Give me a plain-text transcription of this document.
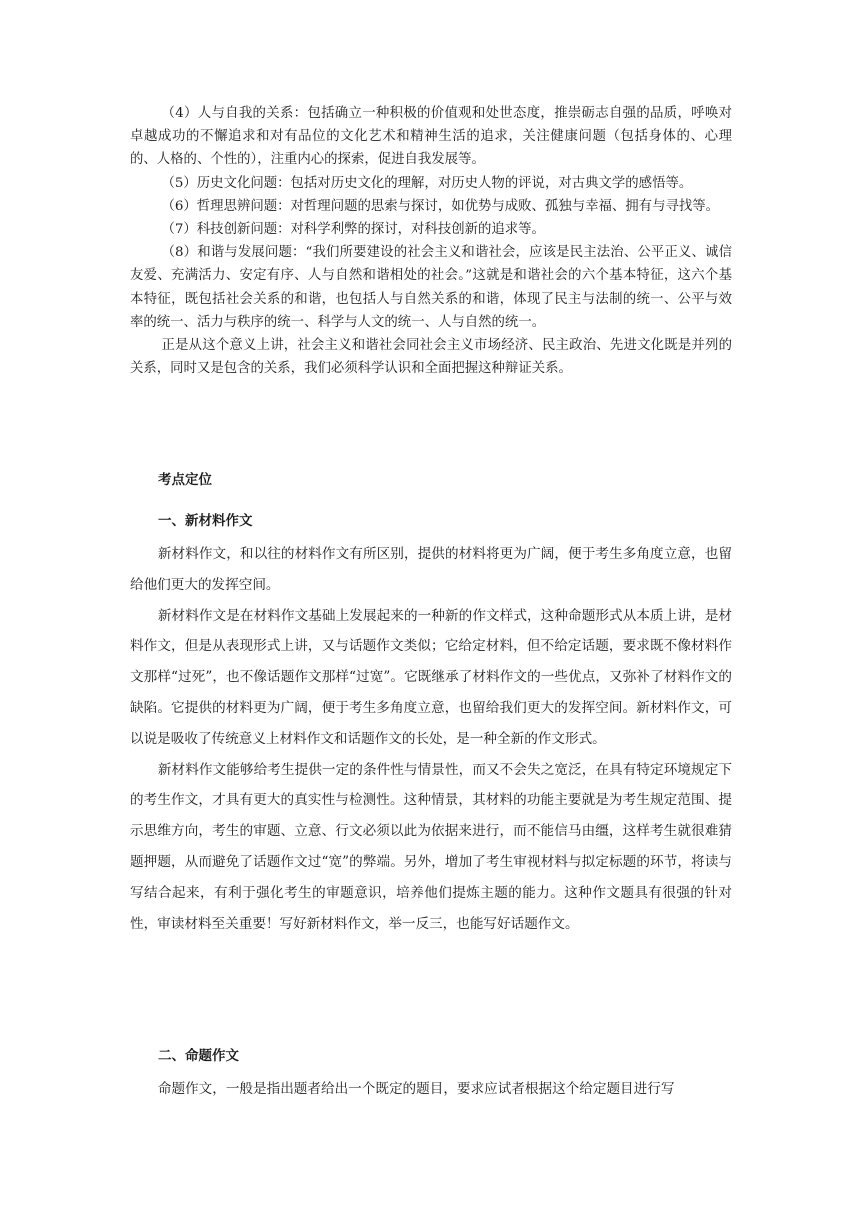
（4）人与自我的关系：包括确立一种积极的价值观和处世态度，推崇砺志自强的品质，呼唤对卓越成功的不懈追求和对有品位的文化艺术和精神生活的追求，关注健康问题（包括身体的、心理的、人格的、个性的），注重内心的探索，促进自我发展等。

（5）历史文化问题：包括对历史文化的理解，对历史人物的评说，对古典文学的感悟等。

（6）哲理思辨问题：对哲理问题的思索与探讨，如优势与成败、孤独与幸福、拥有与寻找等。

（7）科技创新问题：对科学利弊的探讨，对科技创新的追求等。

（8）和谐与发展问题：“我们所要建设的社会主义和谐社会，应该是民主法治、公平正义、诚信友爱、充满活力、安定有序、人与自然和谐相处的社会。”这就是和谐社会的六个基本特征，这六个基本特征，既包括社会关系的和谐，也包括人与自然关系的和谐，体现了民主与法制的统一、公平与效率的统一、活力与秩序的统一、科学与人文的统一、人与自然的统一。

正是从这个意义上讲，社会主义和谐社会同社会主义市场经济、民主政治、先进文化既是并列的关系，同时又是包含的关系，我们必须科学认识和全面把握这种辩证关系。

考点定位
一、新材料作文

新材料作文，和以往的材料作文有所区别，提供的材料将更为广阔，便于考生多角度立意，也留给他们更大的发挥空间。

新材料作文是在材料作文基础上发展起来的一种新的作文样式，这种命题形式从本质上讲，是材料作文，但是从表现形式上讲，又与话题作文类似；它给定材料，但不给定话题，要求既不像材料作文那样“过死”，也不像话题作文那样“过宽”。它既继承了材料作文的一些优点，又弥补了材料作文的缺陷。它提供的材料更为广阔，便于考生多角度立意，也留给我们更大的发挥空间。新材料作文，可以说是吸收了传统意义上材料作文和话题作文的长处，是一种全新的作文形式。

新材料作文能够给考生提供一定的条件性与情景性，而又不会失之宽泛，在具有特定环境规定下的考生作文，才具有更大的真实性与检测性。这种情景，其材料的功能主要就是为考生规定范围、提示思维方向，考生的审题、立意、行文必须以此为依据来进行，而不能信马由缰，这样考生就很难猜题押题，从而避免了话题作文过“宽”的弊端。另外，增加了考生审视材料与拟定标题的环节，将读与写结合起来，有利于强化考生的审题意识，培养他们提炼主题的能力。这种作文题具有很强的针对性，审读材料至关重要！写好新材料作文，举一反三，也能写好话题作文。

二、命题作文

命题作文，一般是指出题者给出一个既定的题目，要求应试者根据这个给定题目进行写
